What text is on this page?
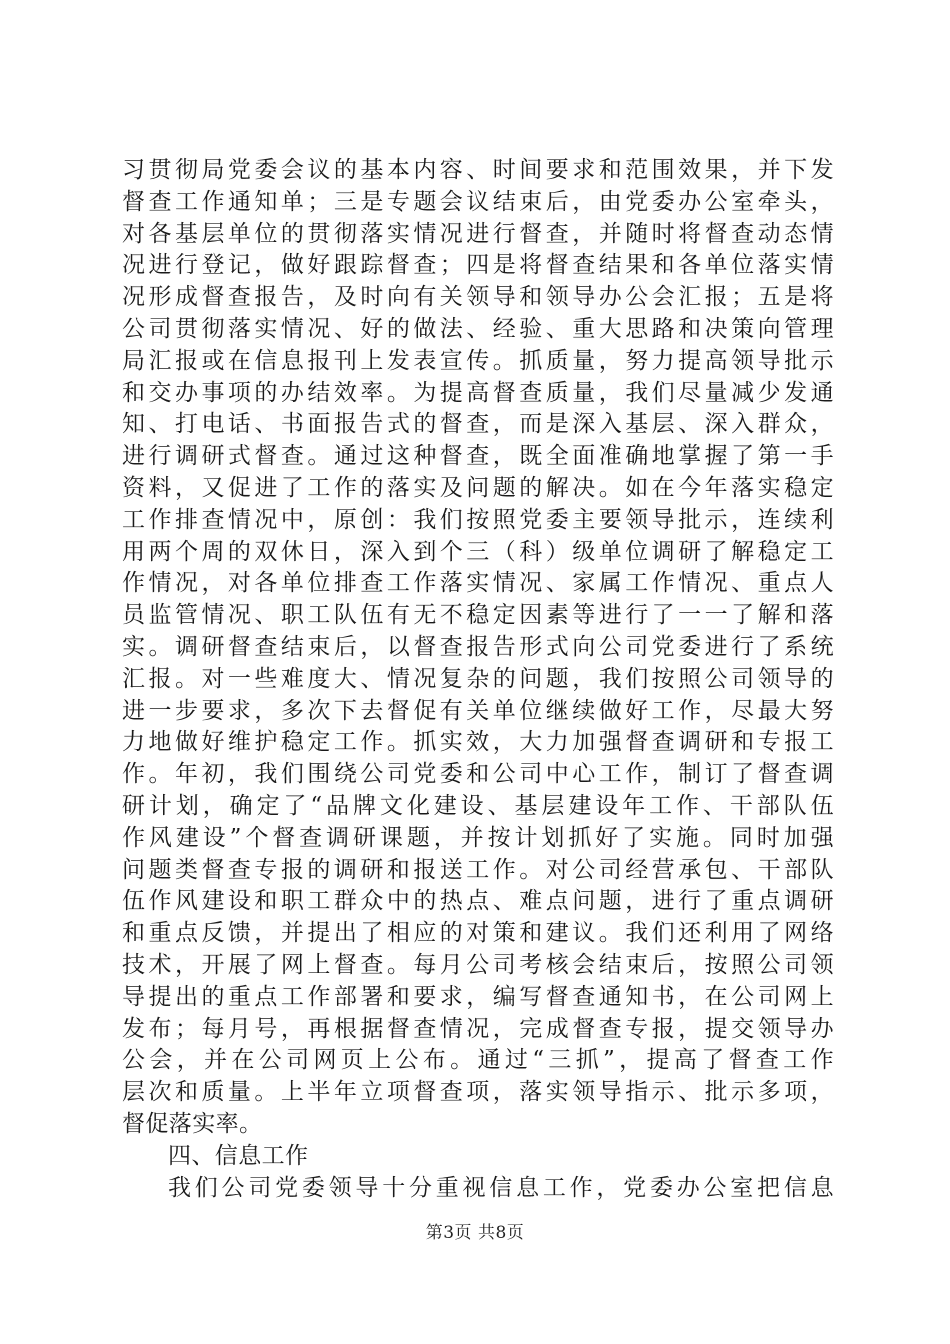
习贯彻局党委会议的基本内容、时间要求和范围效果，并下发
督查工作通知单；三是专题会议结束后，由党委办公室牵头，
对各基层单位的贯彻落实情况进行督查，并随时将督查动态情
况进行登记，做好跟踪督查；四是将督查结果和各单位落实情
况形成督查报告，及时向有关领导和领导办公会汇报；五是将
公司贯彻落实情况、好的做法、经验、重大思路和决策向管理
局汇报或在信息报刊上发表宣传。抓质量，努力提高领导批示
和交办事项的办结效率。为提高督查质量，我们尽量减少发通
知、打电话、书面报告式的督查，而是深入基层、深入群众，
进行调研式督查。通过这种督查，既全面准确地掌握了第一手
资料，又促进了工作的落实及问题的解决。如在今年落实稳定
工作排查情况中，原创：我们按照党委主要领导批示，连续利
用两个周的双休日，深入到个三（科）级单位调研了解稳定工
作情况，对各单位排查工作落实情况、家属工作情况、重点人
员监管情况、职工队伍有无不稳定因素等进行了一一了解和落
实。调研督查结束后，以督查报告形式向公司党委进行了系统
汇报。对一些难度大、情况复杂的问题，我们按照公司领导的
进一步要求，多次下去督促有关单位继续做好工作，尽最大努
力地做好维护稳定工作。抓实效，大力加强督查调研和专报工
作。年初，我们围绕公司党委和公司中心工作，制订了督查调
研计划，确定了“品牌文化建设、基层建设年工作、干部队伍
作风建设”个督查调研课题，并按计划抓好了实施。同时加强
问题类督查专报的调研和报送工作。对公司经营承包、干部队
伍作风建设和职工群众中的热点、难点问题，进行了重点调研
和重点反馈，并提出了相应的对策和建议。我们还利用了网络
技术，开展了网上督查。每月公司考核会结束后，按照公司领
导提出的重点工作部署和要求，编写督查通知书，在公司网上
发布；每月号，再根据督查情况，完成督查专报，提交领导办
公会，并在公司网页上公布。通过“三抓”，提高了督查工作
层次和质量。上半年立项督查项，落实领导指示、批示多项，
督促落实率。
四、信息工作
我们公司党委领导十分重视信息工作，党委办公室把信息
第3页 共8页
